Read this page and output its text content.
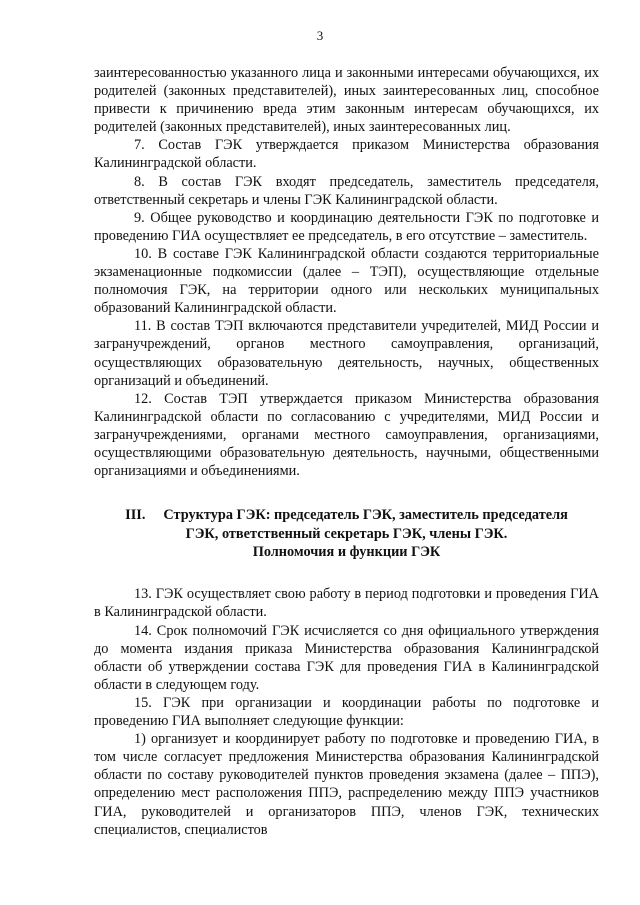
3

заинтересованностью указанного лица и законными интересами обучающихся, их родителей (законных представителей), иных заинтересованных лиц, способное привести к причинению вреда этим законным интересам обучающихся, их родителей (законных представителей), иных заинтересованных лиц.

7. Состав ГЭК утверждается приказом Министерства образования Калининградской области.

8. В состав ГЭК входят председатель, заместитель председателя, ответственный секретарь и члены ГЭК Калининградской области.

9. Общее руководство и координацию деятельности ГЭК по подготовке и проведению ГИА осуществляет ее председатель, в его отсутствие – заместитель.

10. В составе ГЭК Калининградской области создаются территориальные экзаменационные подкомиссии (далее – ТЭП), осуществляющие отдельные полномочия ГЭК, на территории одного или нескольких муниципальных образований Калининградской области.

11. В состав ТЭП включаются представители учредителей, МИД России и загранучреждений, органов местного самоуправления, организаций, осуществляющих образовательную деятельность, научных, общественных организаций и объединений.

12. Состав ТЭП утверждается приказом Министерства образования Калининградской области по согласованию с учредителями, МИД России и загранучреждениями, органами местного самоуправления, организациями, осуществляющими образовательную деятельность, научными, общественными организациями и объединениями.

III. Структура ГЭК: председатель ГЭК, заместитель председателя
ГЭК, ответственный секретарь ГЭК, члены ГЭК.
Полномочия и функции ГЭК

13. ГЭК осуществляет свою работу в период подготовки и проведения ГИА в Калининградской области.

14. Срок полномочий ГЭК исчисляется со дня официального утверждения до момента издания приказа Министерства образования Калининградской области об утверждении состава ГЭК для проведения ГИА в Калининградской области в следующем году.

15. ГЭК при организации и координации работы по подготовке и проведению ГИА выполняет следующие функции:

1) организует и координирует работу по подготовке и проведению ГИА, в том числе согласует предложения Министерства образования Калининградской области по составу руководителей пунктов проведения экзамена (далее – ППЭ), определению мест расположения ППЭ, распределению между ППЭ участников ГИА, руководителей и организаторов ППЭ, членов ГЭК, технических специалистов, специалистов
